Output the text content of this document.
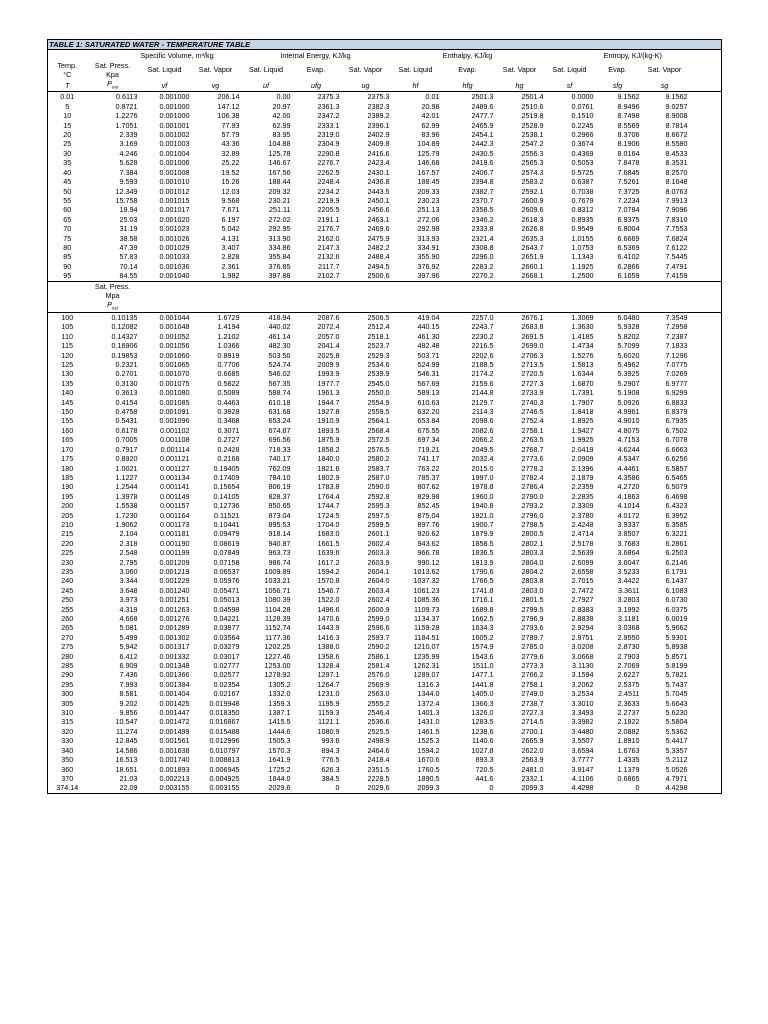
TABLE 1: SATURATED WATER - TEMPERATURE TABLE													
		Specific Volume, m³/kg		Internal Energy, KJ/kg			Enthalpy, KJ/kg			Entropy, KJ/(kg-K)			
Temp.	Sat. Press.	Sat. Liquid	Sat. Vapor	Sat. Liquid	Evap.	Sat. Vapor	Sat. Liquid	Evap.	Sat. Vapor	Sat. Liquid	Evap.	Sat. Vapor	
°C	Kpa												
T	$P_{sat}$	vf	vg	uf	ufg	ug	hf	hfg	hg	sf	sfg	sg	
0.01	0.6113	0.001000	206.14	0.00	2375.3	2375.3	0.01	2501.3	2501.4	0.0000	9.1562	9.1562	
5	0.8721	0.001000	147.12	20.97	2361.3	2382.3	20.98	2489.6	2510.6	0.0761	8.9496	9.0257	
10	1.2276	0.001000	106.38	42.00	2347.2	2389.2	42.01	2477.7	2519.8	0.1510	8.7498	8.9008	
15	1.7051	0.001001	77.93	62.99	2333.1	2396.1	62.99	2465.9	2528.9	0.2245	8.5569	8.7814	
20	2.339	0.001002	57.79	83.95	2319.0	2402.9	83.96	2454.1	2538.1	0.2966	8.3706	8.6672	
25	3.169	0.001003	43.36	104.88	2304.9	2409.8	104.89	2442.3	2547.2	0.3674	8.1906	8.5580	
30	4.246	0.001004	32.89	125.78	2290.8	2416.6	125.79	2430.5	2556.3	0.4369	8.0164	8.4533	
35	5.628	0.001006	25.22	146.67	2276.7	2423.4	146.68	2418.6	2565.3	0.5053	7.8478	8.3531	
40	7.384	0.001008	19.52	167.56	2262.5	2430.1	167.57	2406.7	2574.3	0.5725	7.6845	8.2570	
45	9.593	0.001010	15.26	188.44	2248.4	2436.8	188.45	2394.8	2583.2	0.6387	7.5261	8.1648	
50	12.349	0.001012	12.03	209.32	2234.2	2443.5	209.33	2382.7	2592.1	0.7038	7.3725	8.0763	
55	15.758	0.001015	9.568	230.21	2219.9	2450.1	230.23	2370.7	2600.9	0.7679	7.2234	7.9913	
60	19.94	0.001017	7.671	251.11	2205.5	2456.6	251.13	2358.5	2609.6	0.8312	7.0784	7.9096	
65	25.03	0.001020	6.197	272.02	2191.1	2463.1	272.06	2346.2	2618.3	0.8935	6.9375	7.8310	
70	31.19	0.001023	5.042	292.95	2176.7	2469.6	292.98	2333.8	2626.8	0.9549	6.8004	7.7553	
75	38.58	0.001026	4.131	313.90	2162.0	2475.9	313.93	2321.4	2635.3	1.0155	6.6669	7.6824	
80	47.39	0.001029	3.407	334.86	2147.3	2482.2	334.91	2308.8	2643.7	1.0753	6.5369	7.6122	
85	57.83	0.001033	2.828	355.84	2132.6	2488.4	355.90	2296.0	2651.9	1.1343	6.4102	7.5445	
90	70.14	0.001036	2.361	376.85	2117.7	2494.5	376.92	2283.2	2660.1	1.1925	6.2866	7.4791	
95	84.55	0.001040	1.982	397.88	2102.7	2500.6	397.96	2270.2	2668.1	1.2500	6.1659	7.4159	
	Sat. Press.												
	Mpa												
	$P_{sat}$	
100	0.10135	0.001044	1.6729	418.94	2087.6	2506.5	419.04	2257.0	2676.1	1.3069	6.0480	7.3549	
105	0.12082	0.001048	1.4194	440.02	2072.4	2512.4	440.15	2243.7	2683.8	1.3630	5.9328	7.2958	
110	0.14327	0.001052	1.2102	461.14	2057.0	2518.1	461.30	2230.2	2691.5	1.4185	5.8202	7.2387	
115	0.16906	0.001056	1.0366	482.30	2041.4	2523.7	482.48	2216.5	2699.0	1.4734	5.7099	7.1833	
120	0.19853	0.001060	0.8919	503.50	2025.8	2529.3	503.71	2202.6	2706.3	1.5276	5.6020	7.1296	
125	0.2321	0.001065	0.7706	524.74	2009.9	2534.6	524.99	2188.5	2713.5	1.5813	5.4962	7.0775	
130	0.2701	0.001070	0.6685	546.02	1993.9	2539.9	546.31	2174.2	2720.5	1.6344	5.3925	7.0269	
135	0.3130	0.001075	0.5822	567.35	1977.7	2545.0	567.69	2159.6	2727.3	1.6870	5.2907	6.9777	
140	0.3613	0.001080	0.5089	588.74	1961.3	2550.0	589.13	2144.8	2733.9	1.7391	5.1908	6.9299	
145	0.4154	0.001085	0.4463	610.18	1944.7	2554.9	610.63	2129.7	2740.3	1.7907	5.0926	6.8833	
150	0.4758	0.001091	0.3928	631.68	1927.8	2559.5	632.20	2114.3	2746.5	1.8418	4.9961	6.8379	
155	0.5431	0.001096	0.3468	653.24	1910.9	2564.1	653.84	2098.6	2752.4	1.8925	4.9010	6.7935	
160	0.6178	0.001102	0.3071	674.87	1893.5	2568.4	675.55	2082.6	2758.1	1.9427	4.8075	6.7502	
165	0.7005	0.001108	0.2727	696.56	1875.9	2572.5	697.34	2066.2	2763.5	1.9925	4.7153	6.7078	
170	0.7917	0.001114	0.2428	718.33	1858.2	2576.5	719.21	2049.5	2768.7	2.0419	4.6244	6.6663	
175	0.8920	0.001121	0.2168	740.17	1840.0	2580.2	741.17	2032.4	2773.6	2.0909	4.5347	6.6256	
180	1.0021	0.001127	0.19405	762.09	1821.6	2583.7	763.22	2015.0	2778.2	2.1396	4.4461	6.5857	
185	1.1227	0.001134	0.17409	784.10	1802.9	2587.0	785.37	1997.0	2782.4	2.1879	4.3586	6.5465	
190	1.2544	0.001141	0.15654	806.19	1783.8	2590.0	807.62	1978.8	2786.4	2.2359	4.2720	6.5079	
195	1.3978	0.001149	0.14105	828.37	1764.4	2592.8	829.98	1960.0	2790.0	2.2835	4.1863	6.4698	
200	1.5538	0.001157	0.12736	850.65	1744.7	2595.3	852.45	1940.8	2793.2	2.3309	4.1014	6.4323	
205	1.7230	0.001164	0.11521	873.04	1724.5	2597.5	875.04	1921.0	2796.0	2.3780	4.0172	6.3952	
210	1.9062	0.001173	0.10441	895.53	1704.0	2599.5	897.76	1900.7	2798.5	2.4248	3.9337	6.3585	
215	2.104	0.001181	0.09479	918.14	1683.0	2601.1	920.62	1879.9	2800.5	2.4714	3.8507	6.3221	
220	2.318	0.001190	0.08619	940.87	1661.5	2602.4	943.62	1858.5	2802.1	2.5178	3.7683	6.2861	
225	2.548	0.001199	0.07849	963.73	1639.6	2603.3	966.78	1836.5	2803.3	2.5639	3.6864	6.2503	
230	2.795	0.001209	0.07158	986.74	1617.2	2603.9	990.12	1813.9	2804.0	2.6099	3.6047	6.2146	
235	3.060	0.001219	0.06537	1009.89	1594.2	2604.1	1013.62	1790.6	2804.2	2.6558	3.5233	6.1791	
240	3.344	0.001229	0.05976	1033.21	1570.8	2604.0	1037.32	1766.5	2803.8	2.7015	3.4422	6.1437	
245	3.648	0.001240	0.05471	1056.71	1546.7	2603.4	1061.23	1741.8	2803.0	2.7472	3.3611	6.1083	
250	3.973	0.001251	0.05013	1080.39	1522.0	2602.4	1085.36	1716.1	2801.5	2.7927	3.2803	6.0730	
255	4.319	0.001263	0.04598	1104.28	1496.6	2600.9	1109.73	1689.8	2799.5	2.8383	3.1992	6.0375	
260	4.668	0.001276	0.04221	1128.39	1470.6	2599.0	1134.37	1662.5	2796.9	2.8838	3.1181	6.0019	
265	5.081	0.001289	0.03877	1152.74	1443.9	2596.6	1159.28	1634.3	2793.6	2.9294	3.0368	5.9662	
270	5.499	0.001302	0.03564	1177.36	1416.3	2593.7	1184.51	1605.2	2789.7	2.9751	2.9550	5.9301	
275	5.942	0.001317	0.03279	1202.25	1388.0	2590.2	1210.07	1574.9	2785.0	3.0208	2.8730	5.8938	
280	6.412	0.001332	0.03017	1227.46	1358.6	2586.1	1235.99	1543.6	2779.6	3.0668	2.7903	5.8571	
285	6.909	0.001348	0.02777	1253.00	1328.4	2581.4	1262.31	1511.0	2773.3	3.1130	2.7069	5.8199	
290	7.436	0.001366	0.02577	1278.92	1297.1	2576.0	1289.07	1477.1	2766.2	3.1594	2.6227	5.7821	
295	7.993	0.001384	0.02354	1305.2	1264.7	2569.9	1316.3	1441.8	2758.1	3.2062	2.5375	5.7437	
300	8.581	0.001404	0.02167	1332.0	1231.0	2563.0	1344.0	1405.0	2749.0	3.2534	2.4511	5.7045	
305	9.202	0.001425	0.019948	1359.3	1195.9	2555.2	1372.4	1366.3	2738.7	3.3010	2.3633	5.6643	
310	9.856	0.001447	0.018350	1387.1	1159.3	2546.4	1401.3	1326.0	2727.3	3.3493	2.2737	5.6230	
315	10.547	0.001472	0.016867	1415.5	1121.1	2536.6	1431.0	1283.5	2714.5	3.3982	2.1822	5.5804	
320	11.274	0.001499	0.015488	1444.6	1080.9	2525.5	1461.5	1238.6	2700.1	3.4480	2.0882	5.5362	
330	12.845	0.001561	0.012996	1505.3	993.6	2498.9	1525.3	1140.6	2665.9	3.5507	1.8910	5.4417	
340	14.586	0.001638	0.010797	1570.3	894.3	2464.6	1594.2	1027.8	2622.0	3.6594	1.6763	5.3357	
350	16.513	0.001740	0.008813	1641.9	776.5	2418.4	1670.6	893.3	2563.9	3.7777	1.4335	5.2112	
360	18.651	0.001893	0.006945	1725.2	626.3	2351.5	1760.5	720.5	2481.0	3.9147	1.1379	5.0526	
370	21.03	0.002213	0.004925	1844.0	384.5	2228.5	1890.5	441.6	2332.1	4.1106	0.6865	4.7971	
374.14	22.09	0.003155	0.003155	2029.6	0	2029.6	2099.3	0	2099.3	4.4298	0	4.4298	
